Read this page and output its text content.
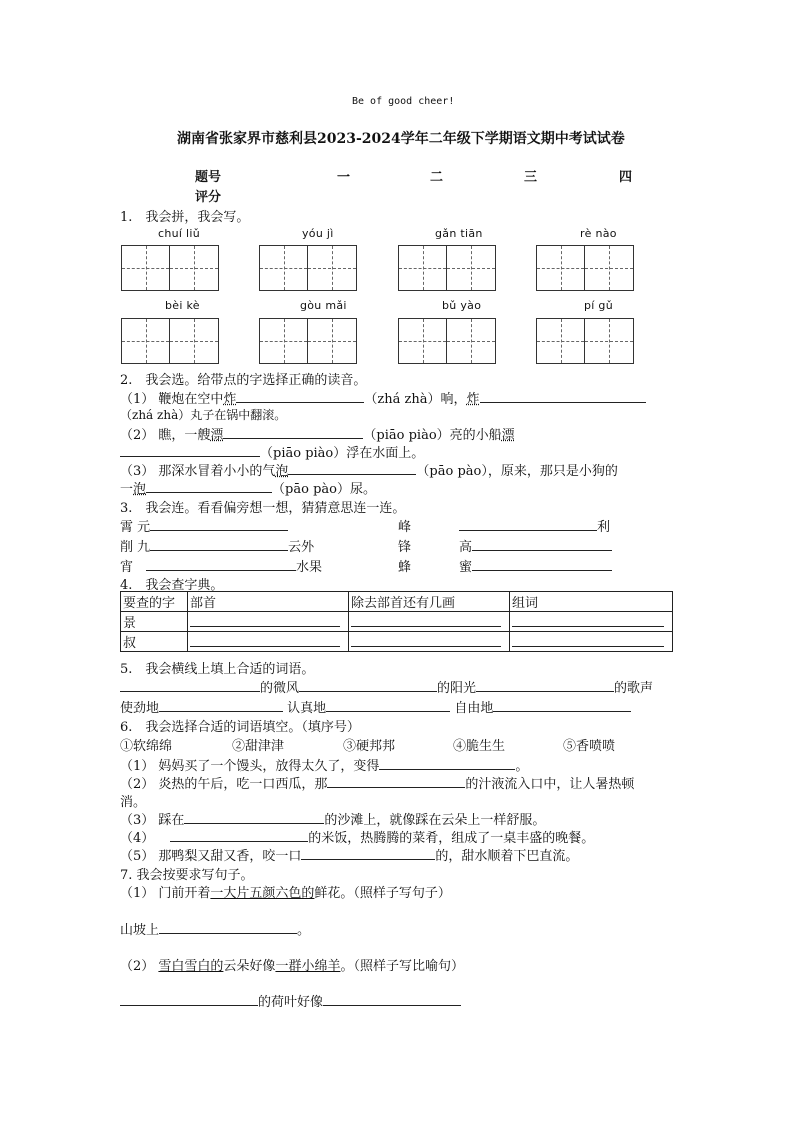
Be of good cheer!
湖南省张家界市慈利县2023-2024学年二年级下学期语文期中考试试卷
题号	一	二	三	四
评分
1.　我会拼，我会写。
chuí liǔ	yóu jì	gǎn tiān	rè nào
bèi kè	gòu mǎi	bǔ yào	pí gǔ
2.　我会选。给带点的字选择正确的读音。
（1） 鞭炮在空中炸	（zhá zhà）响，炸
（zhá zhà）丸子在锅中翻滚。
（2） 瞧，一艘漂	（piāo piào）亮的小船漂
（piāo piào）浮在水面上。
（3） 那深水冒着小小的气泡	（pāo pào），原来，那只是小狗的
一泡	（pāo pào）尿。
3.　我会连。看看偏旁想一想，猜猜意思连一连。
霄 元
削 九	云外
宵　	水果
峰	利
锋	高
蜂	蜜
4.　我会查字典。
要查的字	部首	除去部首还有几画	组词
景	

叔	

5.　我会横线上填上合适的词语。
的微风	的阳光	的歌声
使劲地	认真地	自由地
6.　我会选择合适的词语填空。（填序号）
①软绵绵	②甜津津	③硬邦邦	④脆生生	⑤香喷喷
（1） 妈妈买了一个馒头，放得太久了，变得	。
（2） 炎热的午后，吃一口西瓜，那	的汁液流入口中，让人暑热顿
消。
（3） 踩在	的沙滩上，就像踩在云朵上一样舒服。
（4）	的米饭，热腾腾的菜肴，组成了一桌丰盛的晚餐。
（5） 那鸭梨又甜又香，咬一口	的，甜水顺着下巴直流。
7. 我会按要求写句子。
（1） 门前开着一大片五颜六色的鲜花。（照样子写句子）
山坡上	。
（2） 雪白雪白的云朵好像一群小绵羊。（照样子写比喻句）
的荷叶好像
